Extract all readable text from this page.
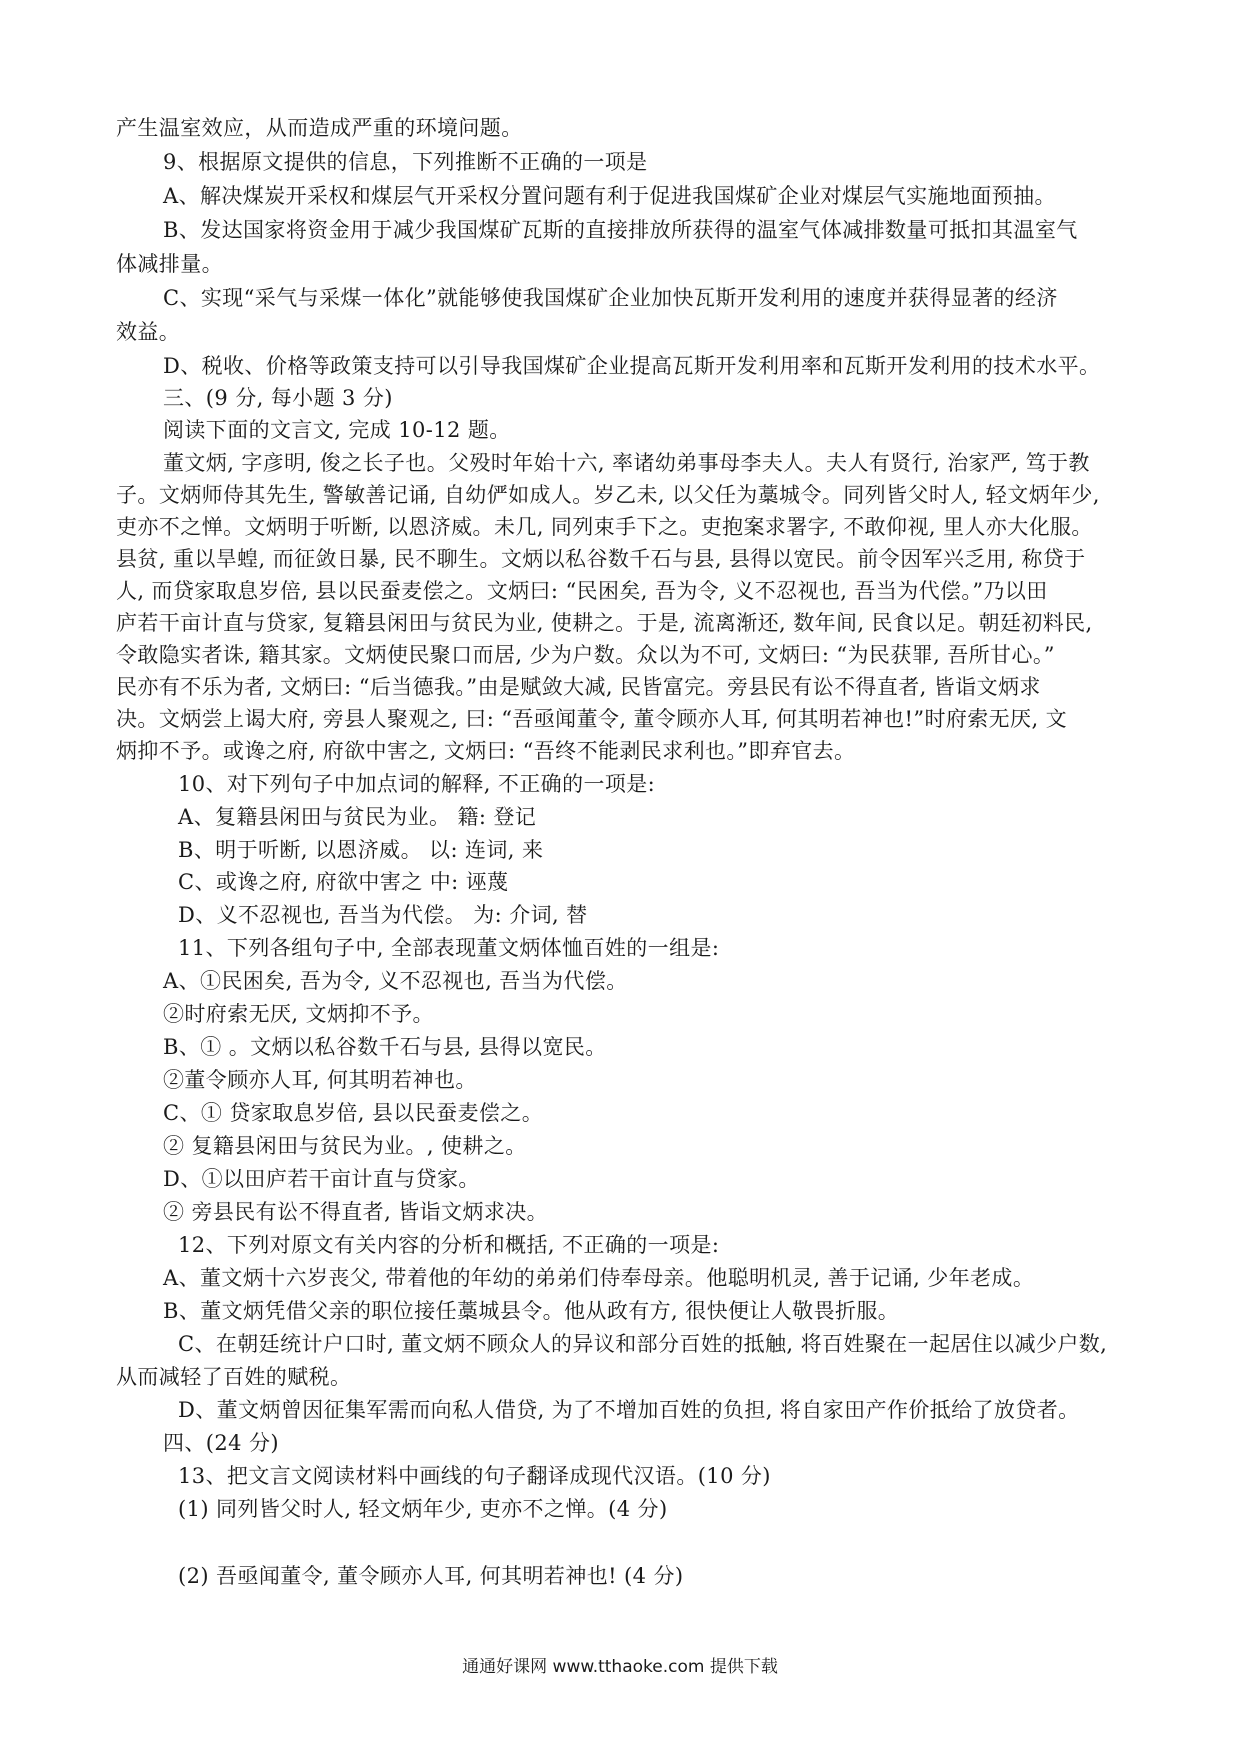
产生温室效应，从而造成严重的环境问题。
9、根据原文提供的信息，下列推断不正确的一项是
A、解决煤炭开采权和煤层气开采权分置问题有利于促进我国煤矿企业对煤层气实施地面预抽。
B、发达国家将资金用于减少我国煤矿瓦斯的直接排放所获得的温室气体减排数量可抵扣其温室气
体减排量。
C、实现“采气与采煤一体化”就能够使我国煤矿企业加快瓦斯开发利用的速度并获得显著的经济
效益。
D、税收、价格等政策支持可以引导我国煤矿企业提高瓦斯开发利用率和瓦斯开发利用的技术水平。
三、(9 分, 每小题 3 分)
阅读下面的文言文, 完成 10-12 题。
董文炳, 字彦明, 俊之长子也。父殁时年始十六, 率诸幼弟事母李夫人。夫人有贤行, 治家严, 笃于教
子。文炳师侍其先生, 警敏善记诵, 自幼俨如成人。岁乙未, 以父任为藁城令。同列皆父时人, 轻文炳年少,
吏亦不之惮。文炳明于听断, 以恩济威。未几, 同列束手下之。吏抱案求署字, 不敢仰视, 里人亦大化服。
县贫, 重以旱蝗, 而征敛日暴, 民不聊生。文炳以私谷数千石与县, 县得以宽民。前令因军兴乏用, 称贷于
人, 而贷家取息岁倍, 县以民蚕麦偿之。文炳曰: “民困矣, 吾为令, 义不忍视也, 吾当为代偿。”乃以田
庐若干亩计直与贷家, 复籍县闲田与贫民为业, 使耕之。于是, 流离渐还, 数年间, 民食以足。朝廷初料民,
令敢隐实者诛, 籍其家。文炳使民聚口而居, 少为户数。众以为不可, 文炳曰: “为民获罪, 吾所甘心。”
民亦有不乐为者, 文炳曰: “后当德我。”由是赋敛大减, 民皆富完。旁县民有讼不得直者, 皆诣文炳求
决。文炳尝上谒大府, 旁县人聚观之, 曰: “吾亟闻董令, 董令顾亦人耳, 何其明若神也!”时府索无厌, 文
炳抑不予。或谗之府, 府欲中害之, 文炳曰: “吾终不能剥民求利也。”即弃官去。
10、对下列句子中加点词的解释, 不正确的一项是:
A、复籍县闲田与贫民为业。 籍: 登记
B、明于听断, 以恩济威。 以: 连词, 来
C、或谗之府, 府欲中害之 中: 诬蔑
D、义不忍视也, 吾当为代偿。 为: 介词, 替
11、下列各组句子中, 全部表现董文炳体恤百姓的一组是:
A、①民困矣, 吾为令, 义不忍视也, 吾当为代偿。
②时府索无厌, 文炳抑不予。
B、① 。文炳以私谷数千石与县, 县得以宽民。
②董令顾亦人耳, 何其明若神也。
C、① 贷家取息岁倍, 县以民蚕麦偿之。
② 复籍县闲田与贫民为业。, 使耕之。
D、①以田庐若干亩计直与贷家。
② 旁县民有讼不得直者, 皆诣文炳求决。
12、下列对原文有关内容的分析和概括, 不正确的一项是:
A、董文炳十六岁丧父, 带着他的年幼的弟弟们侍奉母亲。他聪明机灵, 善于记诵, 少年老成。
B、董文炳凭借父亲的职位接任藁城县令。他从政有方, 很快便让人敬畏折服。
C、在朝廷统计户口时, 董文炳不顾众人的异议和部分百姓的抵触, 将百姓聚在一起居住以减少户数,
从而减轻了百姓的赋税。
D、董文炳曾因征集军需而向私人借贷, 为了不增加百姓的负担, 将自家田产作价抵给了放贷者。
四、(24 分)
13、把文言文阅读材料中画线的句子翻译成现代汉语。(10 分)
(1) 同列皆父时人, 轻文炳年少, 吏亦不之惮。(4 分)
(2) 吾亟闻董令, 董令顾亦人耳, 何其明若神也! (4 分)
通通好课网 www.tthaoke.com 提供下载
